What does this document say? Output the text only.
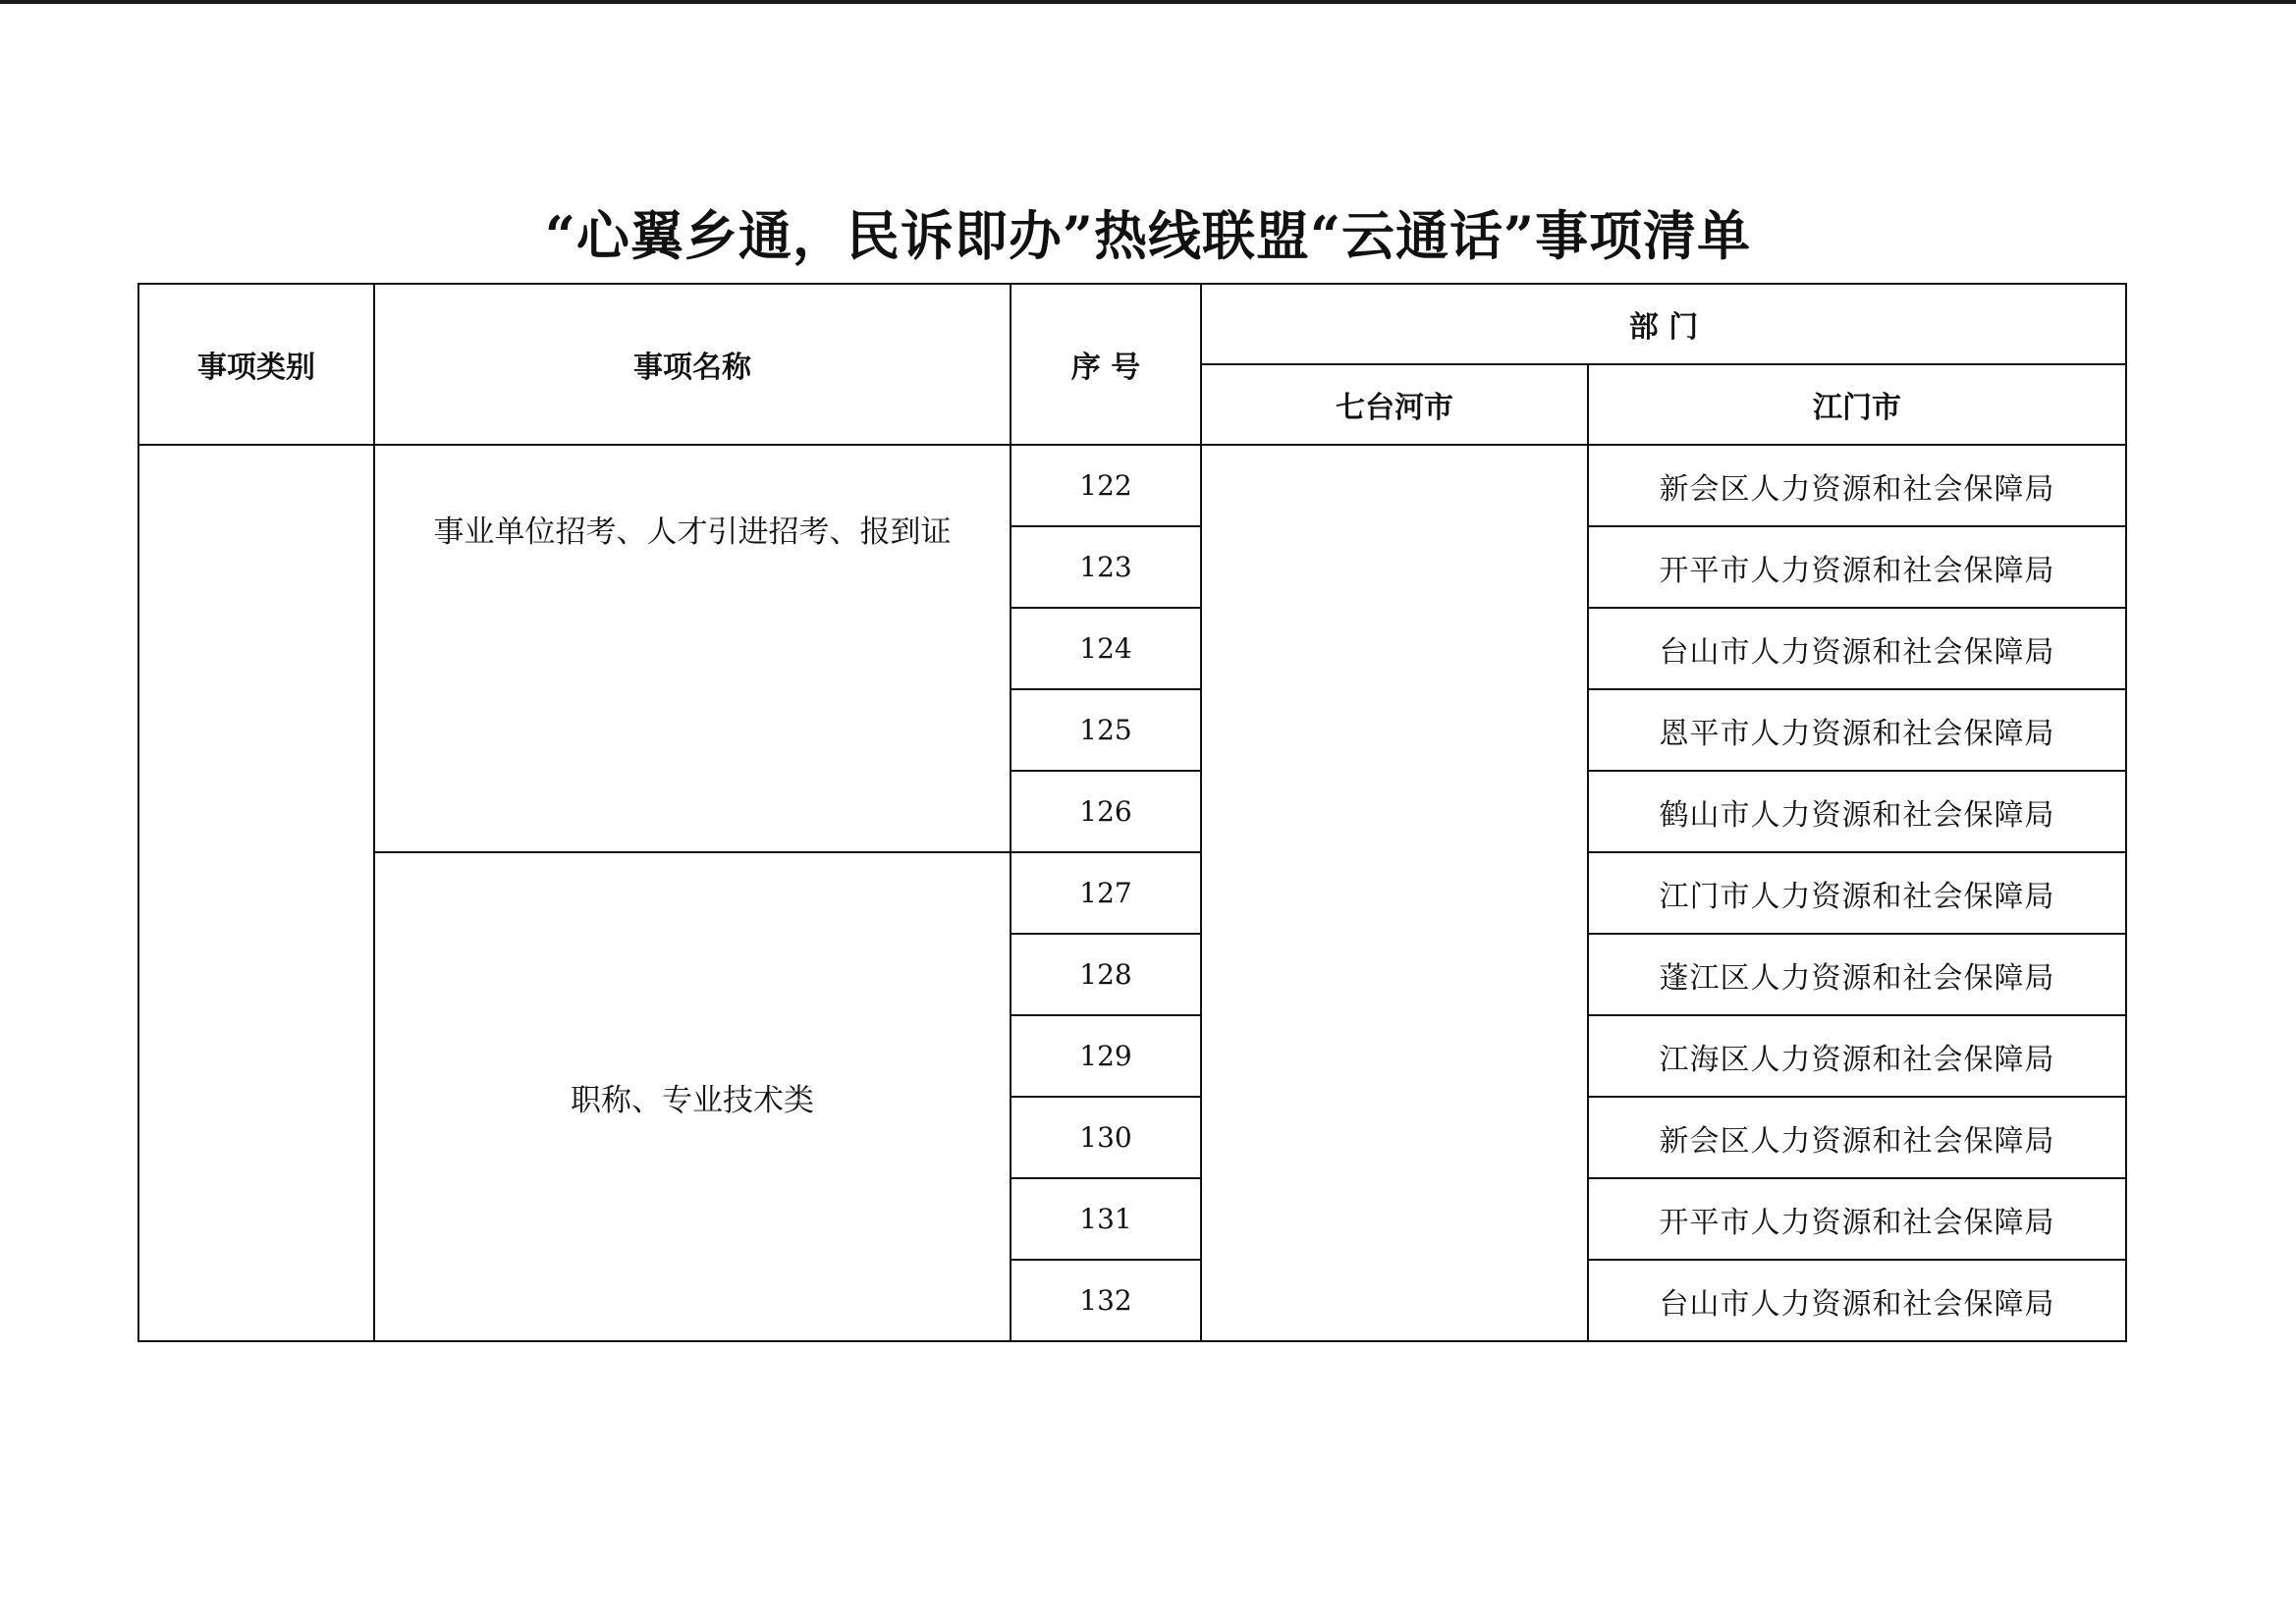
“心翼乡通，民诉即办”热线联盟“云通话”事项清单
事项类别	事项名称	序 号	部 门	
			七台河市	江门市
	事业单位招考、人才引进招考、报到证	122		新会区人力资源和社会保障局
		123		开平市人力资源和社会保障局
		124		台山市人力资源和社会保障局
		125		恩平市人力资源和社会保障局
		126		鹤山市人力资源和社会保障局
	职称、专业技术类	127		江门市人力资源和社会保障局
		128		蓬江区人力资源和社会保障局
		129		江海区人力资源和社会保障局
		130		新会区人力资源和社会保障局
		131		开平市人力资源和社会保障局
		132		台山市人力资源和社会保障局
